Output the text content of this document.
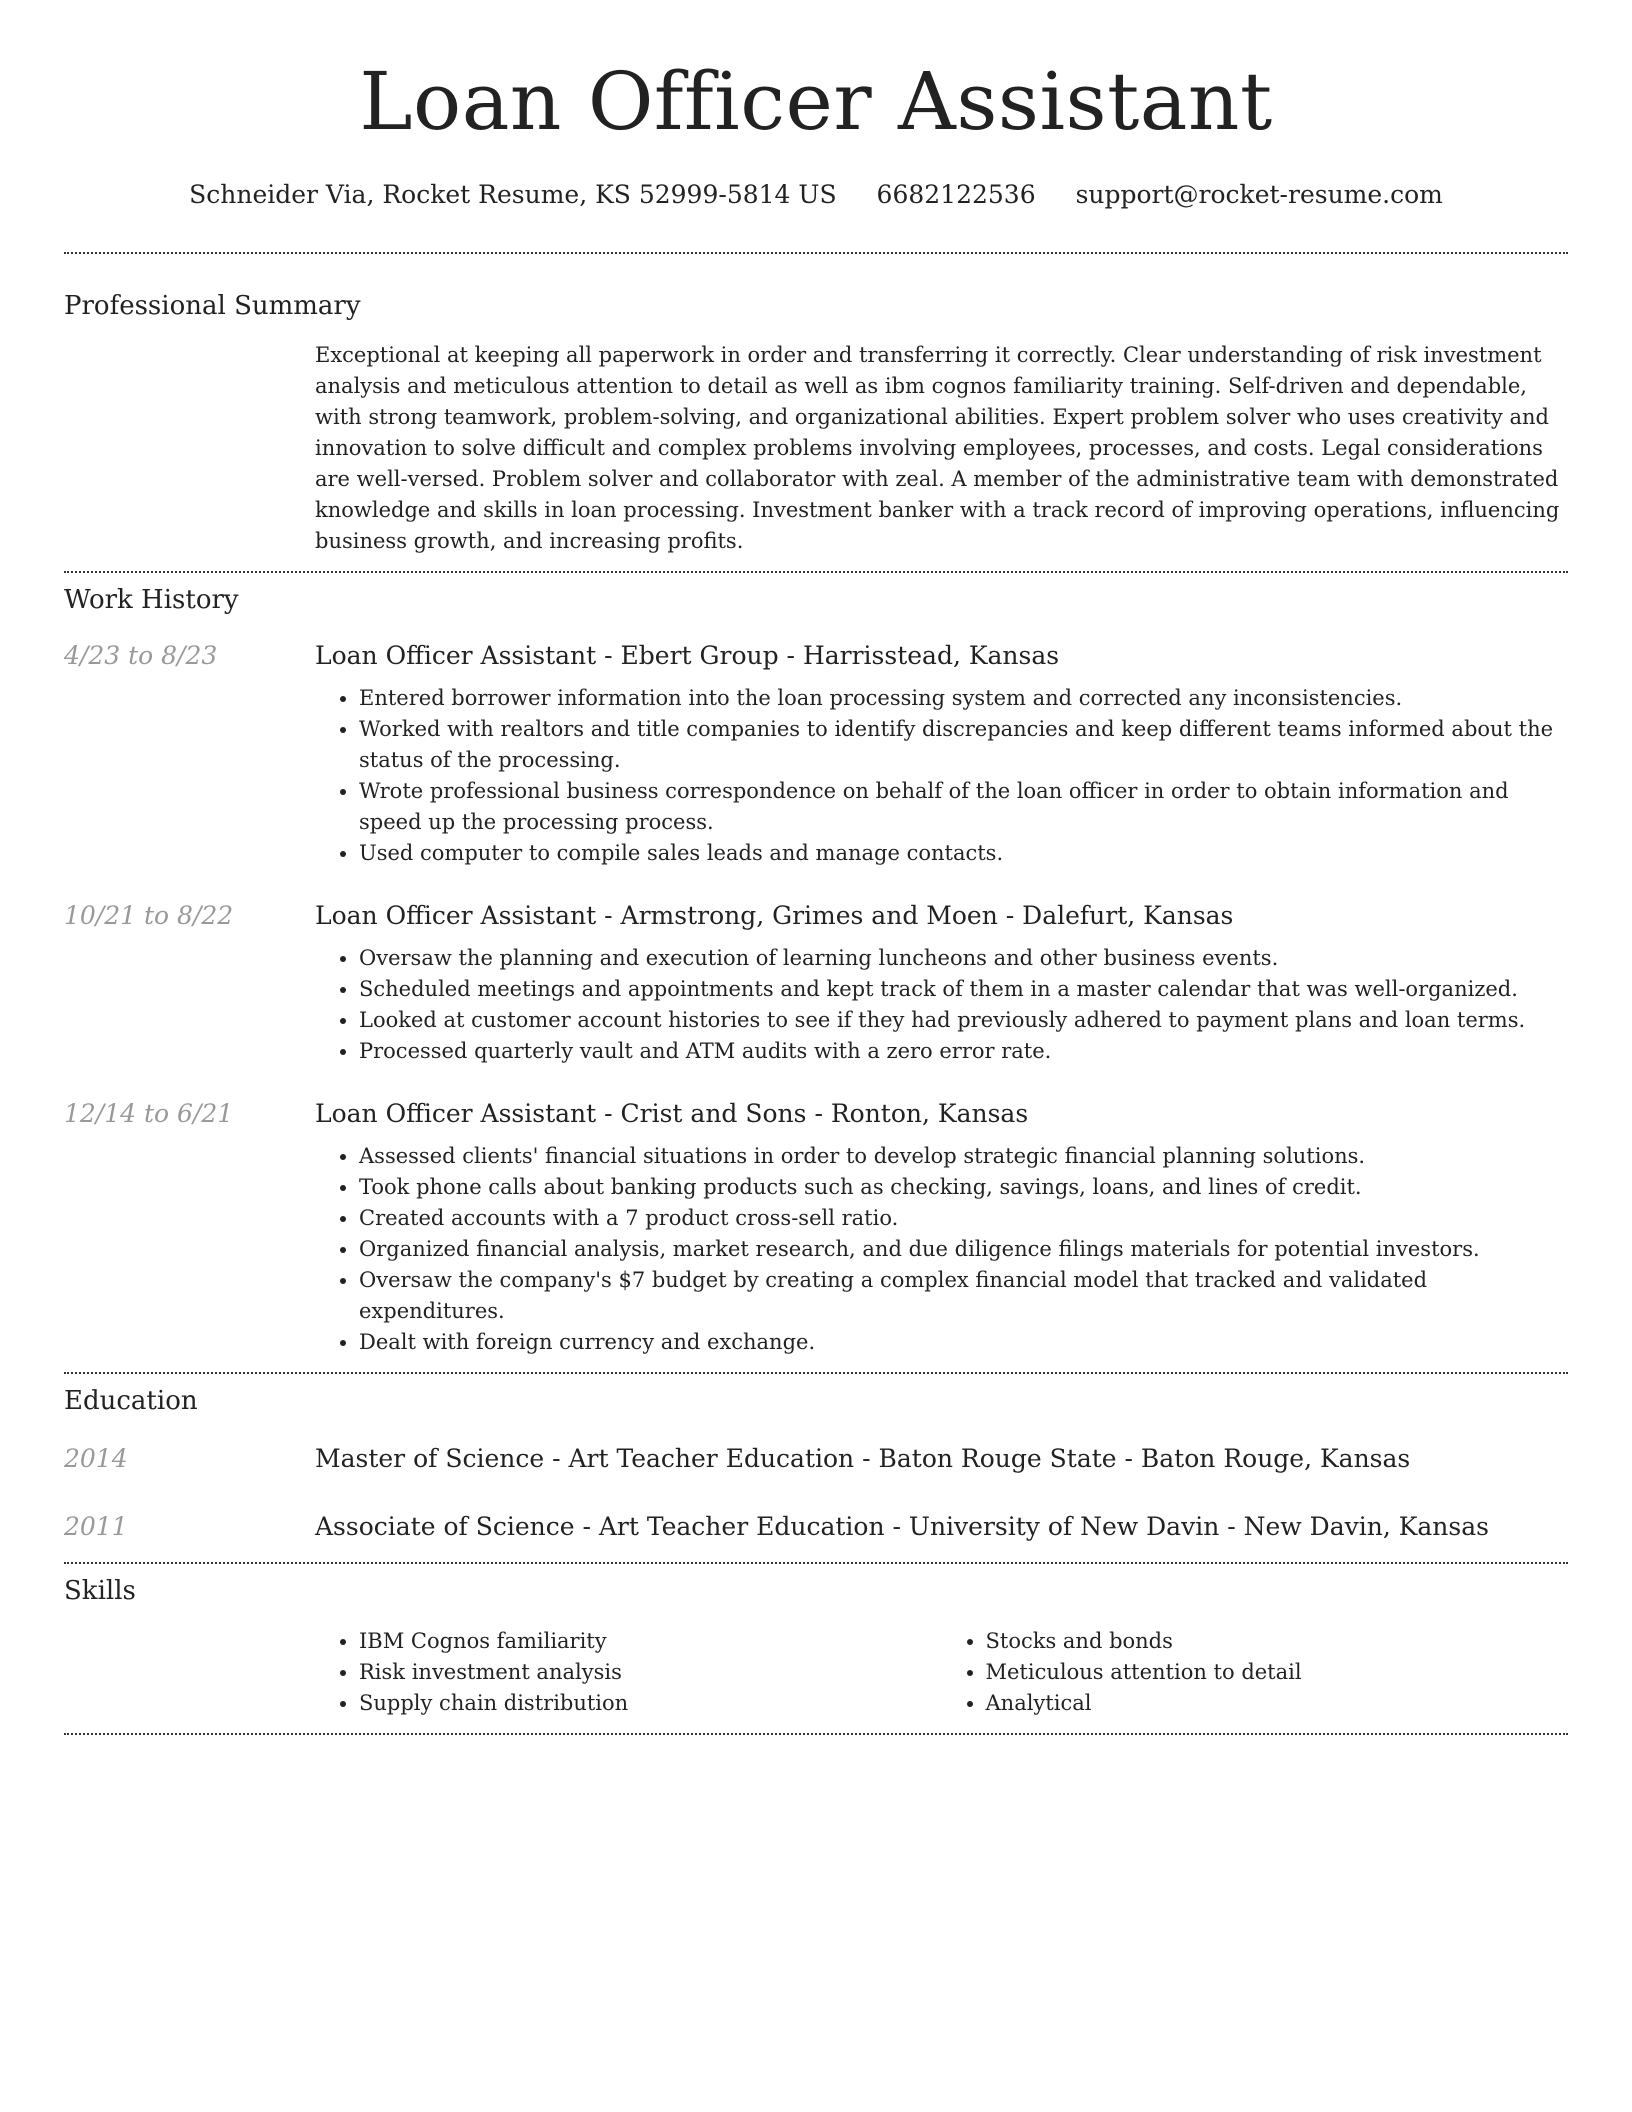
Loan Officer Assistant
Schneider Via, Rocket Resume, KS 52999-5814 US 6682122536 support@rocket-resume.com
Professional Summary

Exceptional at keeping all paperwork in order and transferring it correctly. Clear understanding of risk investment analysis and meticulous attention to detail as well as ibm cognos familiarity training. Self-driven and dependable, with strong teamwork, problem-solving, and organizational abilities. Expert problem solver who uses creativity and innovation to solve difficult and complex problems involving employees, processes, and costs. Legal considerations are well-versed. Problem solver and collaborator with zeal. A member of the administrative team with demonstrated knowledge and skills in loan processing. Investment banker with a track record of improving operations, influencing business growth, and increasing profits.

Work History
4/23 to 8/23	Loan Officer Assistant - Ebert Group - Harrisstead, Kansas
• Entered borrower information into the loan processing system and corrected any inconsistencies.
• Worked with realtors and title companies to identify discrepancies and keep different teams informed about the status of the processing.
• Wrote professional business correspondence on behalf of the loan officer in order to obtain information and speed up the processing process.
• Used computer to compile sales leads and manage contacts.
10/21 to 8/22	Loan Officer Assistant - Armstrong, Grimes and Moen - Dalefurt, Kansas
• Oversaw the planning and execution of learning luncheons and other business events.
• Scheduled meetings and appointments and kept track of them in a master calendar that was well-organized.
• Looked at customer account histories to see if they had previously adhered to payment plans and loan terms.
• Processed quarterly vault and ATM audits with a zero error rate.
12/14 to 6/21	Loan Officer Assistant - Crist and Sons - Ronton, Kansas
• Assessed clients' financial situations in order to develop strategic financial planning solutions.
• Took phone calls about banking products such as checking, savings, loans, and lines of credit.
• Created accounts with a 7 product cross-sell ratio.
• Organized financial analysis, market research, and due diligence filings materials for potential investors.
• Oversaw the company's $7 budget by creating a complex financial model that tracked and validated expenditures.
• Dealt with foreign currency and exchange.
Education
2014	Master of Science - Art Teacher Education - Baton Rouge State - Baton Rouge, Kansas
2011	Associate of Science - Art Teacher Education - University of New Davin - New Davin, Kansas
Skills
• IBM Cognos familiarity
• Risk investment analysis
• Supply chain distribution
• Stocks and bonds
• Meticulous attention to detail
• Analytical
